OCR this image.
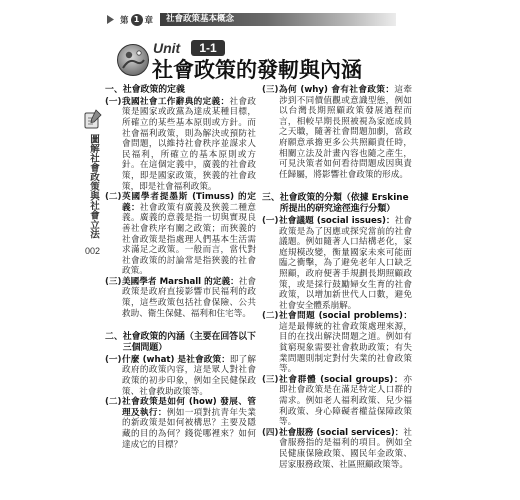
第 1 章	社會政策基本概念
Unit	1-1
社會政策的發軔與內涵
圖解社會政策與社會立法
002
一、 社會政策的定義
(一) 我國社會工作辭典的定義：社會政策是國家或政黨為達成某種目標，所確立的某些基本原則或方針。而社會福利政策，則為解決或預防社會問題，以維持社會秩序並謀求人民福利，所確立的基本原則或方針。在這個定義中，廣義的社會政策，即是國家政策，狹義的社會政策，即是社會福利政策。
(二) 英國學者提墨斯 (Timuss) 的定義：社會政策有廣義及狹義二種意義。廣義的意義是指一切與實現良善社會秩序有關之政策；而狹義的社會政策是指處理人們基本生活需求滿足之政策。一般而言，當代對社會政策的討論常是指狹義的社會政策。
(三) 美國學者 Marshall 的定義：社會政策是政府直接影響市民福利的政策，這些政策包括社會保險、公共救助、衛生保健、福利和住宅等。
二、 社會政策的內涵（主要在回答以下三個問題）
(一) 什麼 (what) 是社會政策：即了解政府的政策內容，這是眾人對社會政策的初步印象，例如全民健保政策、社會救助政策等。
(二) 社會政策是如何 (how) 發展、管理及執行：例如一項對抗青年失業的新政策是如何被構思？主要及隱藏的目的為何？錢從哪裡來？如何達成它的目標？
(三) 為何 (why) 會有社會政策：這牽涉到不同價值觀或意識型態，例如以台灣長期照顧政策發展過程而言，相較早期長照被視為家庭成員之天職，隨著社會問題加劇，當政府願意承擔更多公共照顧責任時，相關立法及計畫內容也隨之產生，可見決策者如何看待問題成因與責任歸屬，將影響社會政策的形成。
三、 社會政策的分類（依據 Erskine 所提出的研究途徑進行分類）
(一) 社會議題 (social issues)：社會政策是為了因應或探究當前的社會議題。例如隨著人口結構老化，家庭規模改變，衡量國家未來可能面臨之衝擊，為了避免老年人口缺乏照顧，政府便著手規劃長期照顧政策，或是採行鼓勵婦女生育的社會政策，以增加新世代人口數，避免社會安全體系崩解。
(二) 社會問題 (social problems)：這是最傳統的社會政策處理來源，目的在找出解決問題之道。例如有貧窮現象需要社會救助政策；有失業問題則制定對付失業的社會政策等。
(三) 社會群體 (social groups)：亦即社會政策是在滿足特定人口群的需求。例如老人福利政策、兒少福利政策、身心障礙者權益保障政策等。
(四) 社會服務 (social services)：社會服務指的是福利的項目。例如全民健康保險政策、國民年金政策、居家服務政策、社區照顧政策等。
